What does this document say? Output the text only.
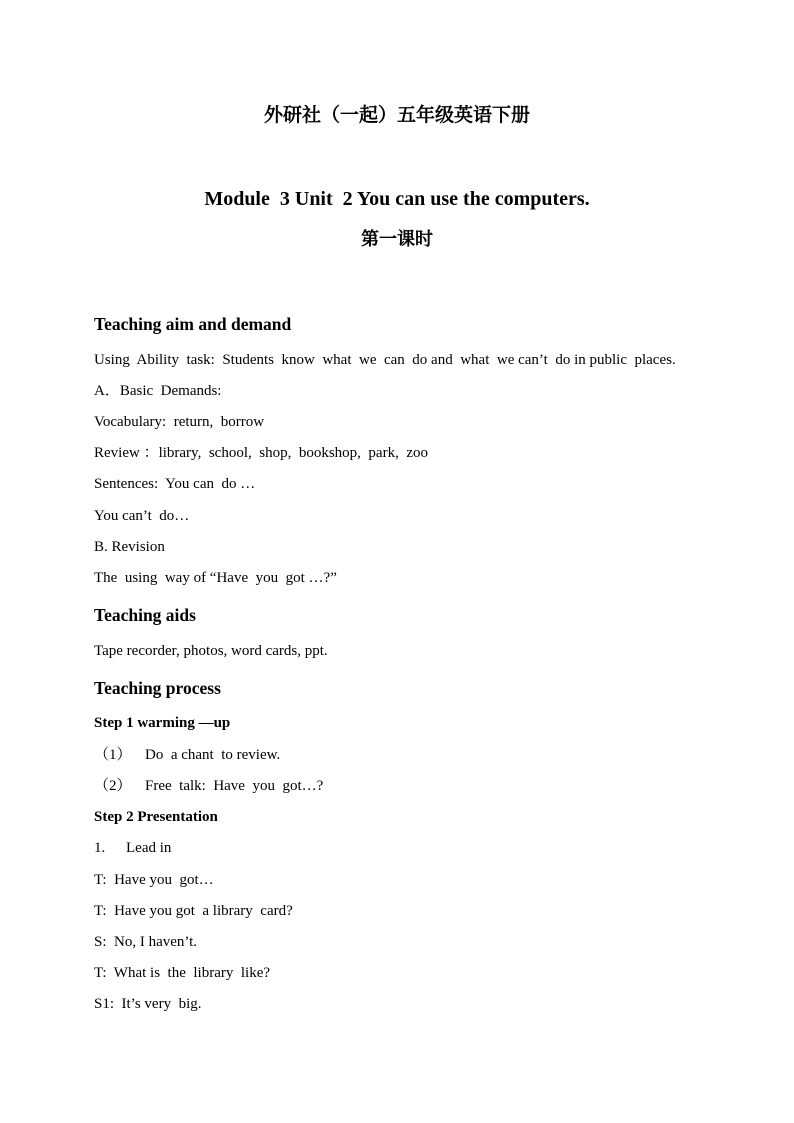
外研社（一起）五年级英语下册
Module  3 Unit  2 You can use the computers.
第一课时
Teaching aim and demand
Using  Ability  task:  Students  know  what  we  can  do and  what  we can’t  do in public  places.
A．Basic  Demands:
Vocabulary:  return,  borrow
Review ：library,  school,  shop,  bookshop,  park,  zoo
Sentences:  You can  do …
You can’t  do…
B. Revision
The  using  way of “Have  you  got …?”
Teaching aids
Tape recorder, photos, word cards, ppt.
Teaching process
Step 1 warming —up
（1） Do  a chant  to review.
（2） Free  talk:  Have  you  got…?
Step 2 Presentation
1. Lead in
T:  Have you  got…
T:  Have you got  a library  card?
S:  No, I haven’t.
T:  What is  the  library  like?
S1:  It’s very  big.
